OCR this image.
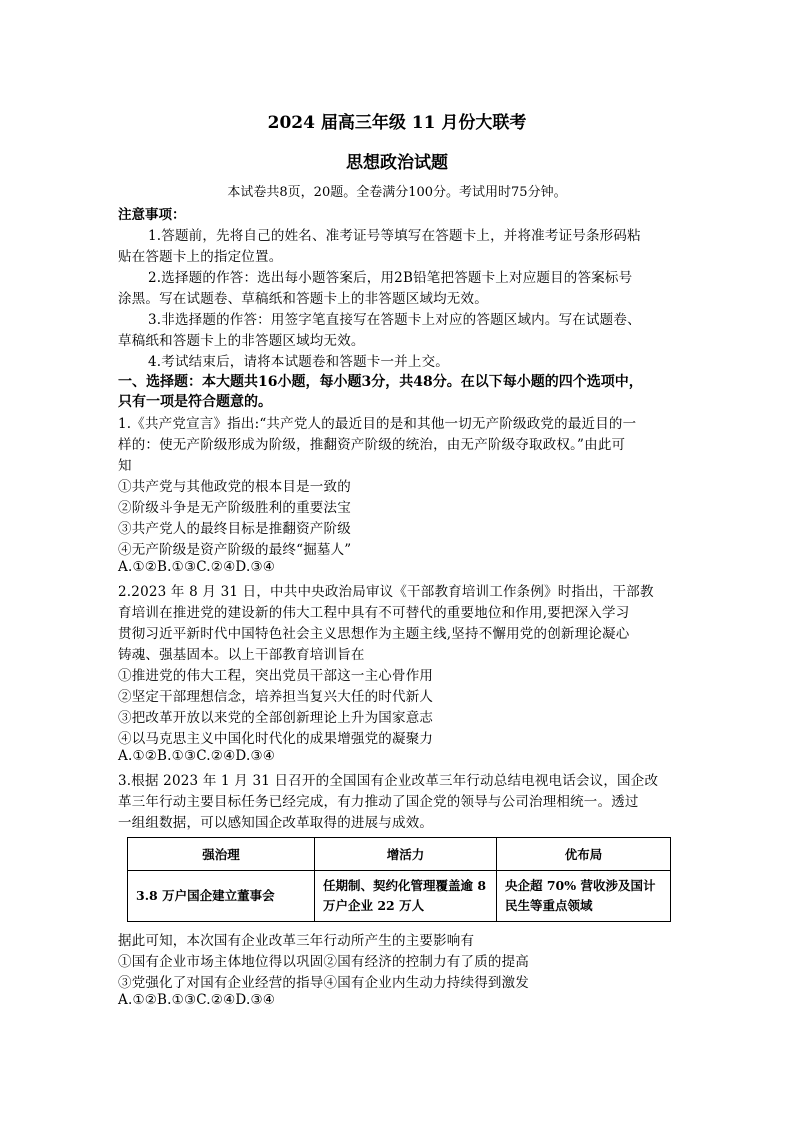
2024 届高三年级 11 月份大联考
思想政治试题
本试卷共8页，20题。全卷满分100分。考试用时75分钟。
注意事项：
1.答题前，先将自己的姓名、准考证号等填写在答题卡上，并将准考证号条形码粘
贴在答题卡上的指定位置。
2.选择题的作答：选出每小题答案后，用2B铅笔把答题卡上对应题目的答案标号
涂黑。写在试题卷、草稿纸和答题卡上的非答题区域均无效。
3.非选择题的作答：用签字笔直接写在答题卡上对应的答题区域内。写在试题卷、
草稿纸和答题卡上的非答题区域均无效。
4.考试结束后，请将本试题卷和答题卡一并上交。
一、选择题：本大题共16小题，每小题3分，共48分。在以下每小题的四个选项中，
只有一项是符合题意的。
1.《共产党宣言》指出:“共产党人的最近目的是和其他一切无产阶级政党的最近目的一
样的：使无产阶级形成为阶级，推翻资产阶级的统治，由无产阶级夺取政权。”由此可
知
①共产党与其他政党的根本目是一致的
②阶级斗争是无产阶级胜利的重要法宝
③共产党人的最终目标是推翻资产阶级
④无产阶级是资产阶级的最终“掘墓人”
A.①②B.①③C.②④D.③④
2.2023 年 8 月 31 日，中共中央政治局审议《干部教育培训工作条例》时指出，干部教
育培训在推进党的建设新的伟大工程中具有不可替代的重要地位和作用,要把深入学习
贯彻习近平新时代中国特色社会主义思想作为主题主线,坚持不懈用党的创新理论凝心
铸魂、强基固本。以上干部教育培训旨在
①推进党的伟大工程，突出党员干部这一主心骨作用
②坚定干部理想信念，培养担当复兴大任的时代新人
③把改革开放以来党的全部创新理论上升为国家意志
④以马克思主义中国化时代化的成果增强党的凝聚力
A.①②B.①③C.②④D.③④
3.根据 2023 年 1 月 31 日召开的全国国有企业改革三年行动总结电视电话会议，国企改
革三年行动主要目标任务已经完成，有力推动了国企党的领导与公司治理相统一。透过
一组组数据，可以感知国企改革取得的进展与成效。
强治理	增活力	优布局
3.8 万户国企建立董事会	任期制、契约化管理覆盖逾 8 万户企业 22 万人	央企超 70% 营收涉及国计民生等重点领域
据此可知，本次国有企业改革三年行动所产生的主要影响有
①国有企业市场主体地位得以巩固②国有经济的控制力有了质的提高
③党强化了对国有企业经营的指导④国有企业内生动力持续得到激发
A.①②B.①③C.②④D.③④
